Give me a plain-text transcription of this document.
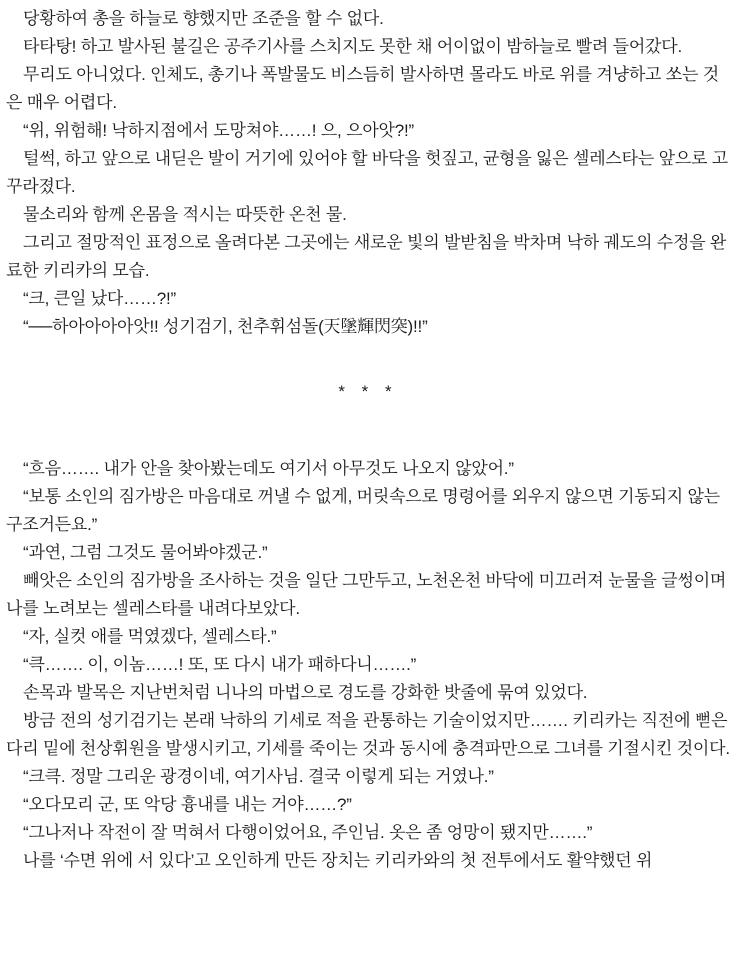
당황하여 총을 하늘로 향했지만 조준을 할 수 없다.

타타탕! 하고 발사된 불길은 공주기사를 스치지도 못한 채 어이없이 밤하늘로 빨려 들어갔다.

무리도 아니었다. 인체도, 총기나 폭발물도 비스듬히 발사하면 몰라도 바로 위를 겨냥하고 쏘는 것은 매우 어렵다.

“위, 위험해! 낙하지점에서 도망쳐야……! 으, 으아앗?!”

털썩, 하고 앞으로 내딛은 발이 거기에 있어야 할 바닥을 헛짚고, 균형을 잃은 셀레스타는 앞으로 고꾸라졌다.

물소리와 함께 온몸을 적시는 따뜻한 온천 물.

그리고 절망적인 표정으로 올려다본 그곳에는 새로운 빛의 발받침을 박차며 낙하 궤도의 수정을 완료한 키리카의 모습.

“크, 큰일 났다……?!”

“──하아아아아앗!! 성기검기, 천추휘섬돌(天墜輝閃突)!!”

* * *

“흐음……. 내가 안을 찾아봤는데도 여기서 아무것도 나오지 않았어.”

“보통 소인의 짐가방은 마음대로 꺼낼 수 없게, 머릿속으로 명령어를 외우지 않으면 기동되지 않는 구조거든요.”

“과연, 그럼 그것도 물어봐야겠군.”

빼앗은 소인의 짐가방을 조사하는 것을 일단 그만두고, 노천온천 바닥에 미끄러져 눈물을 글썽이며 나를 노려보는 셀레스타를 내려다보았다.

“자, 실컷 애를 먹였겠다, 셀레스타.”

“큭……. 이, 이놈……! 또, 또 다시 내가 패하다니…….”

손목과 발목은 지난번처럼 니나의 마법으로 경도를 강화한 밧줄에 묶여 있었다.

방금 전의 성기검기는 본래 낙하의 기세로 적을 관통하는 기술이었지만……. 키리카는 직전에 뻗은 다리 밑에 천상휘원을 발생시키고, 기세를 죽이는 것과 동시에 충격파만으로 그녀를 기절시킨 것이다.

“크큭. 정말 그리운 광경이네, 여기사님. 결국 이렇게 되는 거였나.”

“오다모리 군, 또 악당 흉내를 내는 거야……?”

“그나저나 작전이 잘 먹혀서 다행이었어요, 주인님. 옷은 좀 엉망이 됐지만…….”

나를 ‘수면 위에 서 있다’고 오인하게 만든 장치는 키리카와의 첫 전투에서도 활약했던 위
